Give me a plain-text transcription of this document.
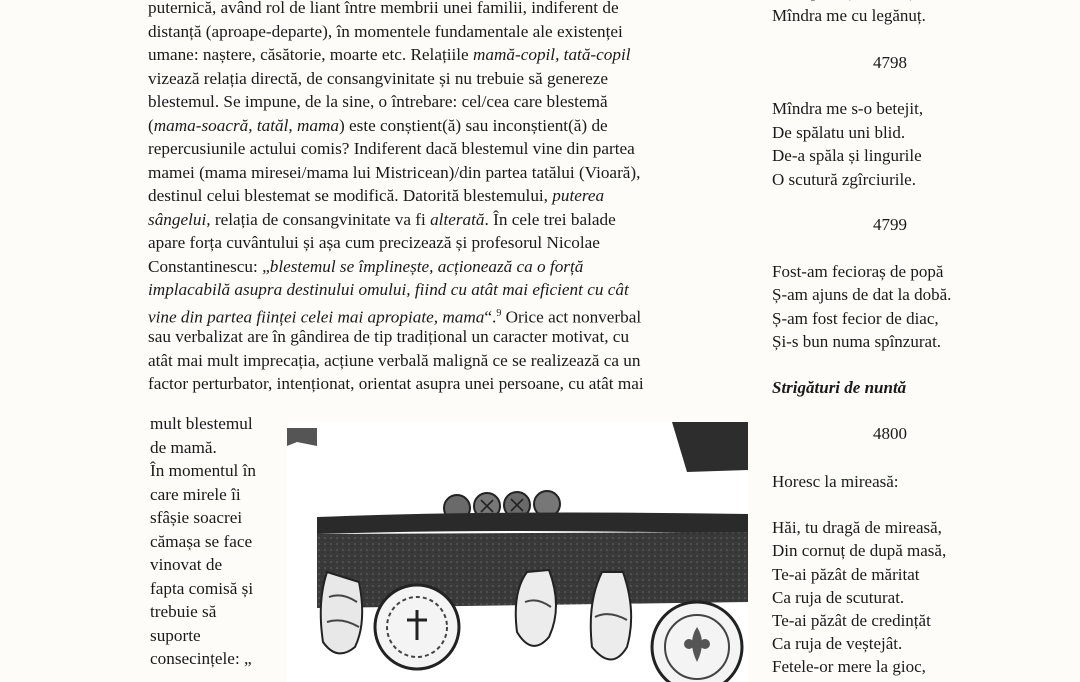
puternică, având rol de liant între membrii unei familii, indiferent de
distanță (aproape-departe), în momentele fundamentale ale existenței
umane: naștere, căsătorie, moarte etc. Relațiile mamă-copil, tată-copil
vizează relația directă, de consangvinitate și nu trebuie să genereze
blestemul. Se impune, de la sine, o întrebare: cel/cea care blestemă
(mama-soacră, tatăl, mama) este conștient(ă) sau inconștient(ă) de
repercusiunile actului comis? Indiferent dacă blestemul vine din partea
mamei (mama miresei/mama lui Mistricean)/din partea tatălui (Vioară),
destinul celui blestemat se modifică. Datorită blestemului, puterea
sângelui, relația de consangvinitate va fi alterată. În cele trei balade
apare forța cuvântului și așa cum precizează și profesorul Nicolae
Constantinescu: „blestemul se împlinește, acționează ca o forță
implacabilă asupra destinului omului, fiind cu atât mai eficient cu cât
vine din partea ființei celei mai apropiate, mama“.$^9$ Orice act nonverbal
sau verbalizat are în gândirea de tip tradițional un caracter motivat, cu
atât mai mult imprecația, acțiune verbală malignă ce se realizează ca un
factor perturbator, intenționat, orientat asupra unei persoane, cu atât mai
mult blestemul
de mamă.
În momentul în
care mirele îi
sfâșie soacrei
cămașa se face
vinovat de
fapta comisă și
trebuie să
suporte
consecințele: „
Mîndra me cu legănuț.
4798
Mîndra me s-o betejit,
De spălatu uni blid.
De-a spăla și lingurile
O scutură zgîrciurile.
4799
Fost-am fecioraș de popă
Ș-am ajuns de dat la dobă.
Ș-am fost fecior de diac,
Și-s bun numa spînzurat.
Strigături de nuntă
4800
Horesc la mireasă:
Hăi, tu dragă de mireasă,
Din cornuț de după masă,
Te-ai păzât de măritat
Ca ruja de scuturat.
Te-ai păzât de credințăt
Ca ruja de veștejât.
Fetele-or mere la gioc,
